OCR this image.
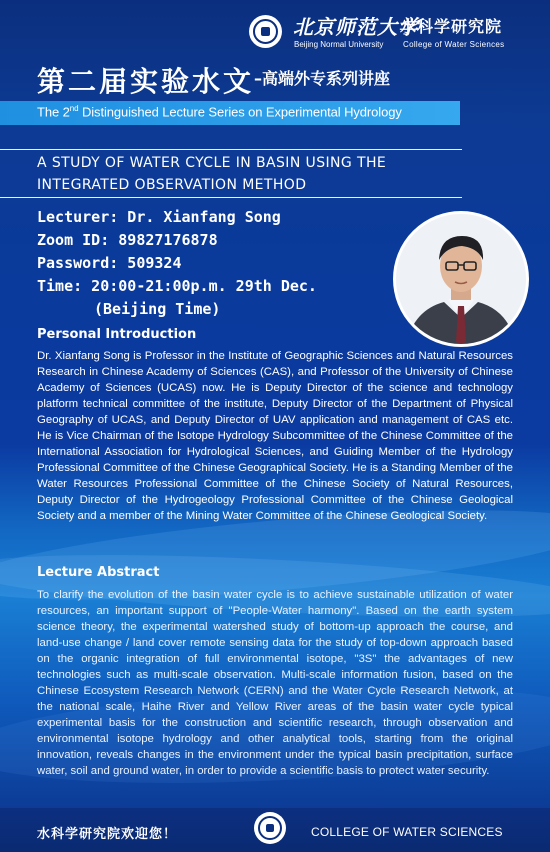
北京师范大学
水科学研究院
Beijing Normal University College of Water Sciences
第二届实验水文 –高端外专系列讲座
The 2nd Distinguished Lecture Series on Experimental Hydrology
A STUDY OF WATER CYCLE IN BASIN USING THE
INTEGRATED OBSERVATION METHOD
Lecturer: Dr. Xianfang Song
Zoom ID: 89827176878
Password: 509324
Time: 20:00-21:00p.m. 29th Dec.
(Beijing Time)
Personal Introduction
Dr. Xianfang Song is Professor in the Institute of Geographic Sciences and Natural Resources Research in Chinese Academy of Sciences (CAS), and Professor of the University of Chinese Academy of Sciences (UCAS) now. He is Deputy Director of the science and technology platform technical committee of the institute, Deputy Director of the Department of Physical Geography of UCAS, and Deputy Director of UAV application and management of CAS etc. He is Vice Chairman of the Isotope Hydrology Subcommittee of the Chinese Committee of the International Association for Hydrological Sciences, and Guiding Member of the Hydrology Professional Committee of the Chinese Geographical Society. He is a Standing Member of the Water Resources Professional Committee of the Chinese Society of Natural Resources, Deputy Director of the Hydrogeology Professional Committee of the Chinese Geological Society and a member of the Mining Water Committee of the Chinese Geological Society.
Lecture Abstract
To clarify the evolution of the basin water cycle is to achieve sustainable utilization of water resources, an important support of "People-Water harmony". Based on the earth system science theory, the experimental watershed study of bottom-up approach the course, and land-use change / land cover remote sensing data for the study of top-down approach based on the organic integration of full environmental isotope, "3S" the advantages of new technologies such as multi-scale observation. Multi-scale information fusion, based on the Chinese Ecosystem Research Network (CERN) and the Water Cycle Research Network, at the national scale, Haihe River and Yellow River areas of the basin water cycle typical experimental basis for the construction and scientific research, through observation and environmental isotope hydrology and other analytical tools, starting from the original innovation, reveals changes in the environment under the typical basin precipitation, surface water, soil and ground water, in order to provide a scientific basis to protect water security.
水科学研究院欢迎您！	COLLEGE OF WATER SCIENCES
